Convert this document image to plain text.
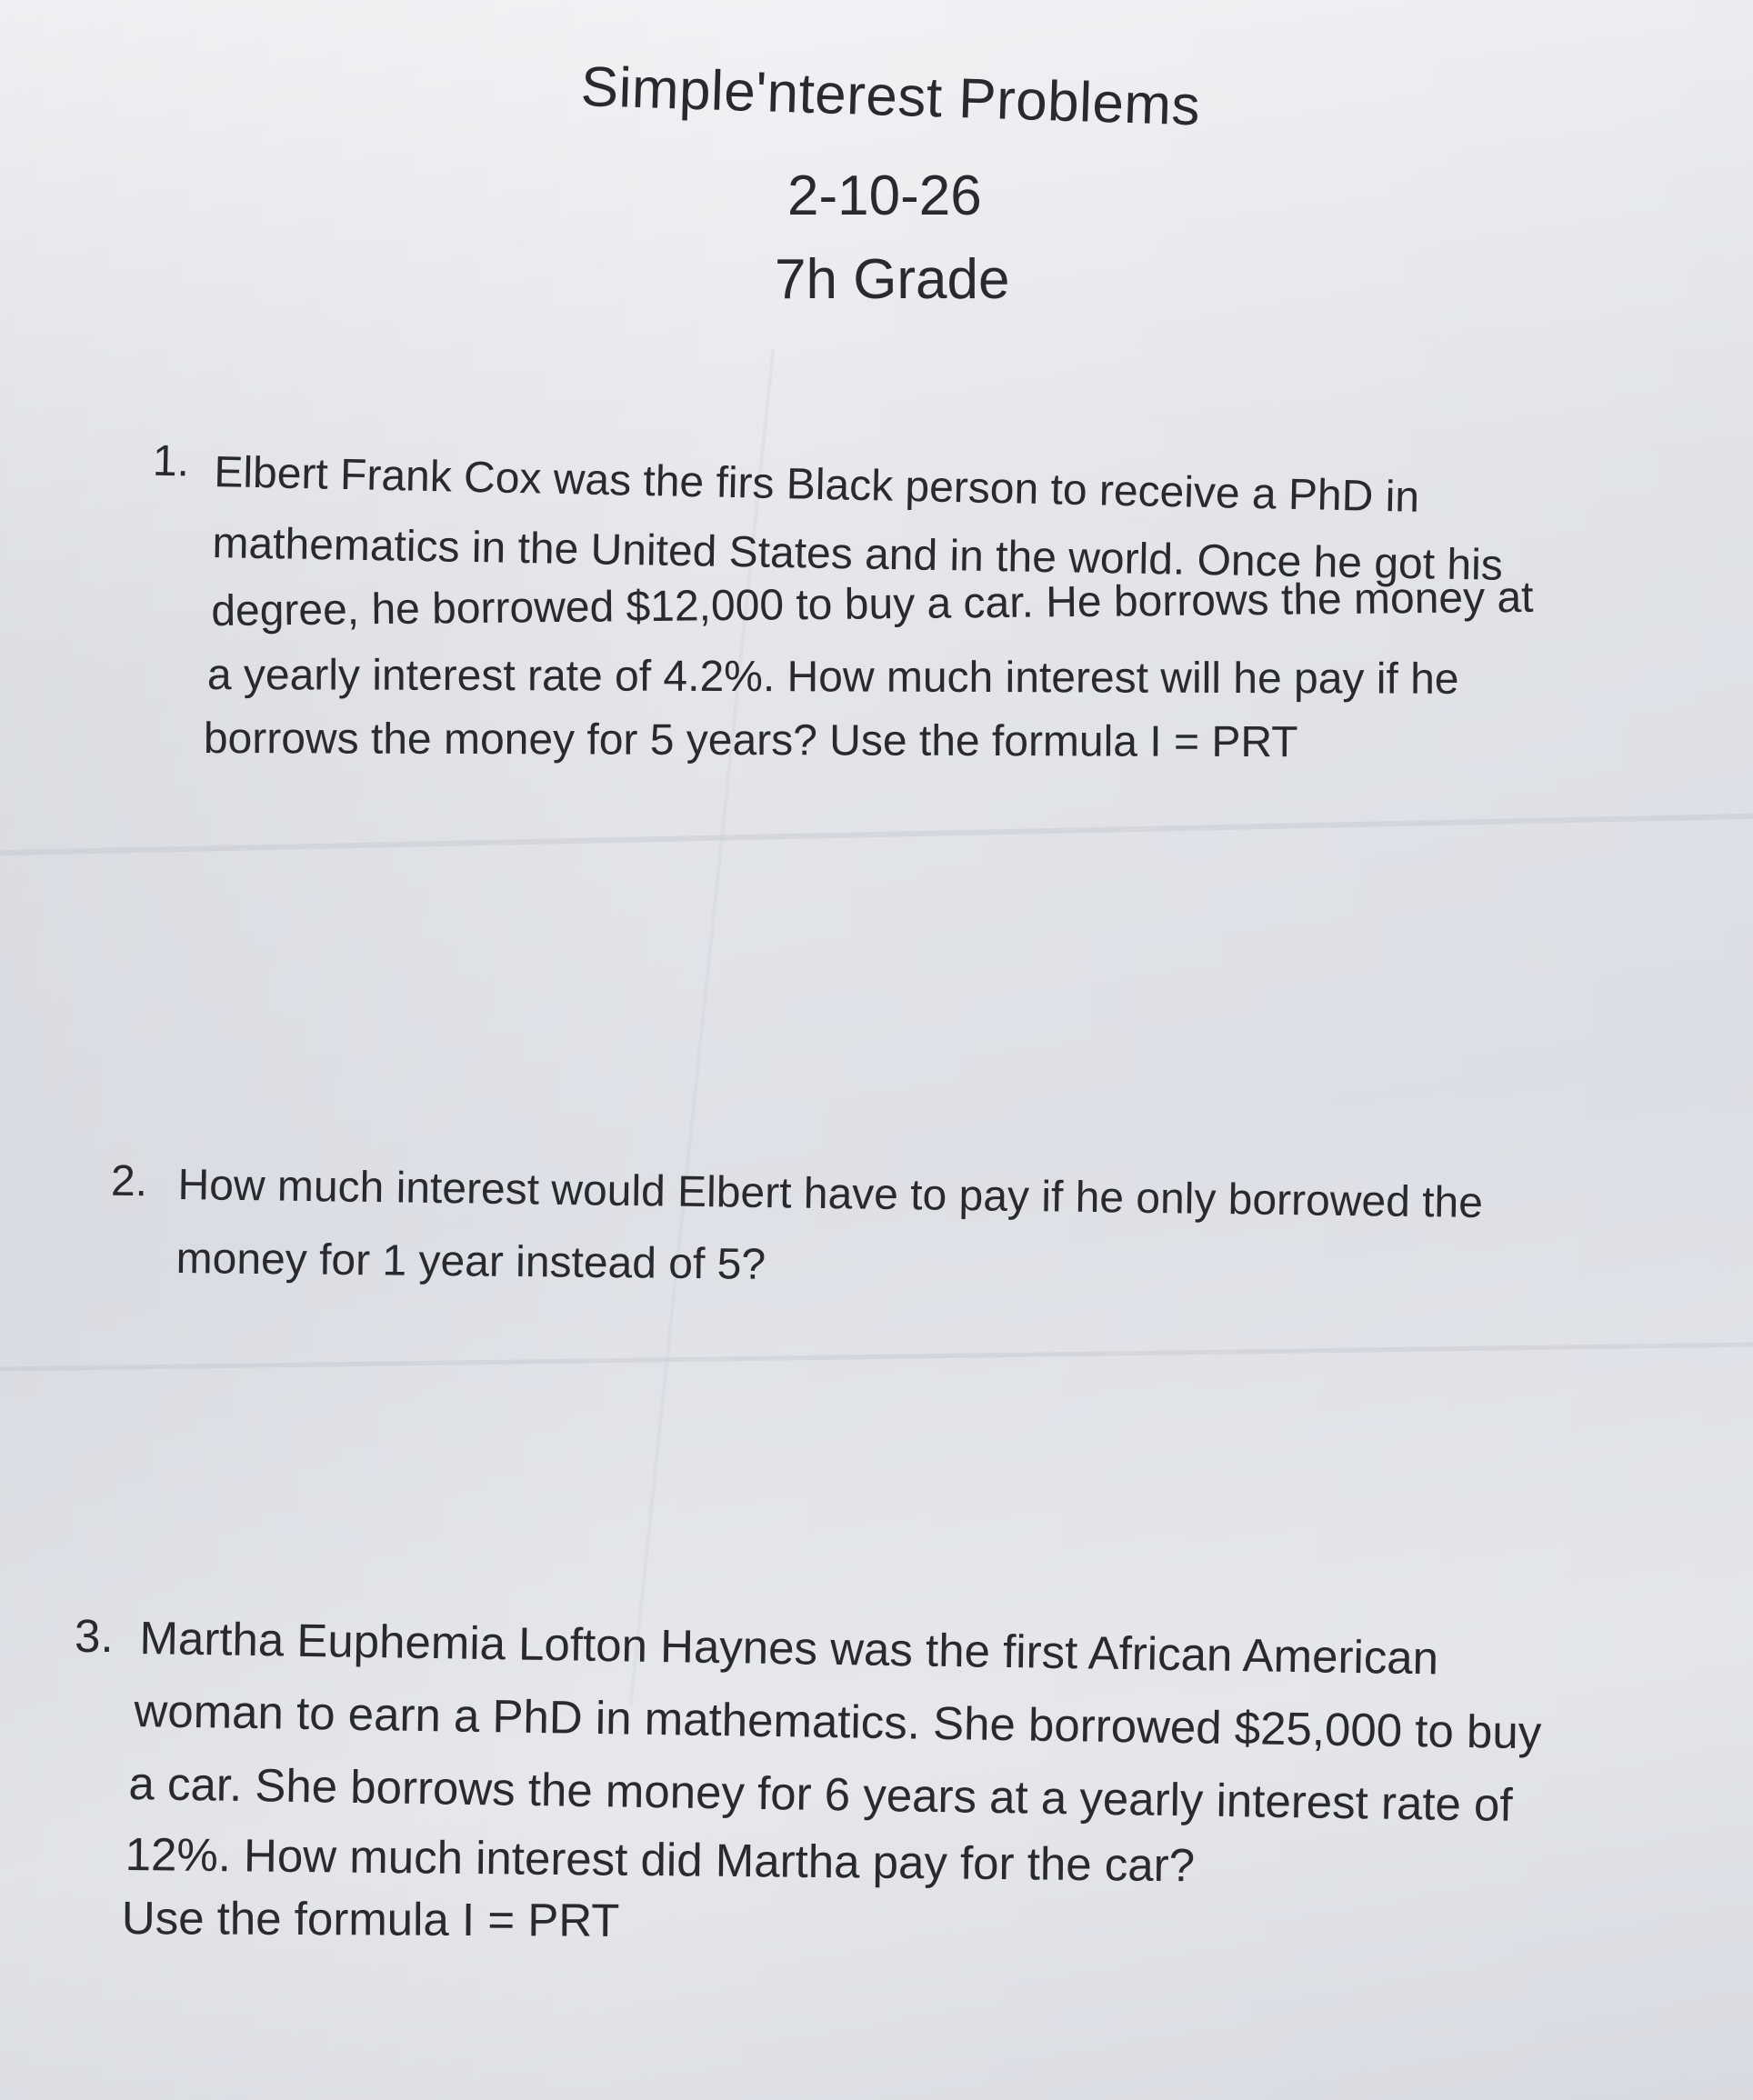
Simple'nterest Problems
2-10-26
7h Grade
1. Elbert Frank Cox was the firs Black person to receive a PhD in
mathematics in the United States and in the world. Once he got his
degree, he borrowed $12,000 to buy a car. He borrows the money at
a yearly interest rate of 4.2%. How much interest will he pay if he
borrows the money for 5 years? Use the formula I = PRT
2. How much interest would Elbert have to pay if he only borrowed the
money for 1 year instead of 5?
3. Martha Euphemia Lofton Haynes was the first African American
woman to earn a PhD in mathematics. She borrowed $25,000 to buy
a car. She borrows the money for 6 years at a yearly interest rate of
12%. How much interest did Martha pay for the car?
Use the formula I = PRT
